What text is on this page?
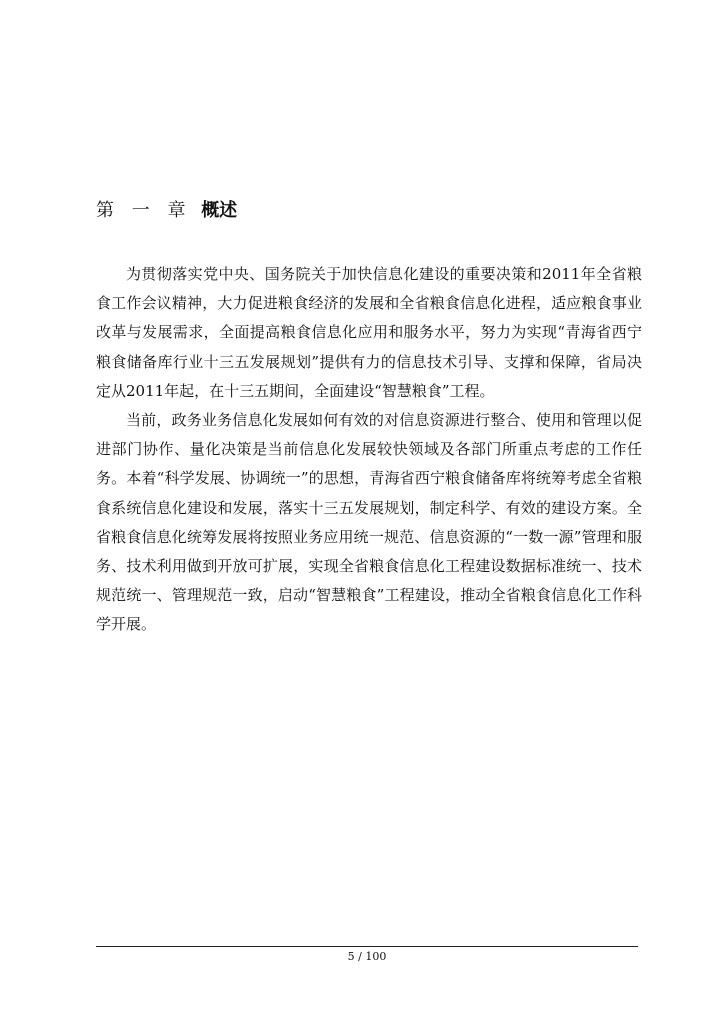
第 一 章 概述

为贯彻落实党中央、国务院关于加快信息化建设的重要决策和2011年全省粮食工作会议精神，大力促进粮食经济的发展和全省粮食信息化进程，适应粮食事业改革与发展需求，全面提高粮食信息化应用和服务水平，努力为实现“青海省西宁粮食储备库行业十三五发展规划”提供有力的信息技术引导、支撑和保障，省局决定从2011年起，在十三五期间，全面建设“智慧粮食”工程。

当前，政务业务信息化发展如何有效的对信息资源进行整合、使用和管理以促进部门协作、量化决策是当前信息化发展较快领域及各部门所重点考虑的工作任务。本着“科学发展、协调统一”的思想，青海省西宁粮食储备库将统筹考虑全省粮食系统信息化建设和发展，落实十三五发展规划，制定科学、有效的建设方案。全省粮食信息化统筹发展将按照业务应用统一规范、信息资源的“一数一源”管理和服务、技术利用做到开放可扩展，实现全省粮食信息化工程建设数据标准统一、技术规范统一、管理规范一致，启动“智慧粮食”工程建设，推动全省粮食信息化工作科学开展。

5 / 100
